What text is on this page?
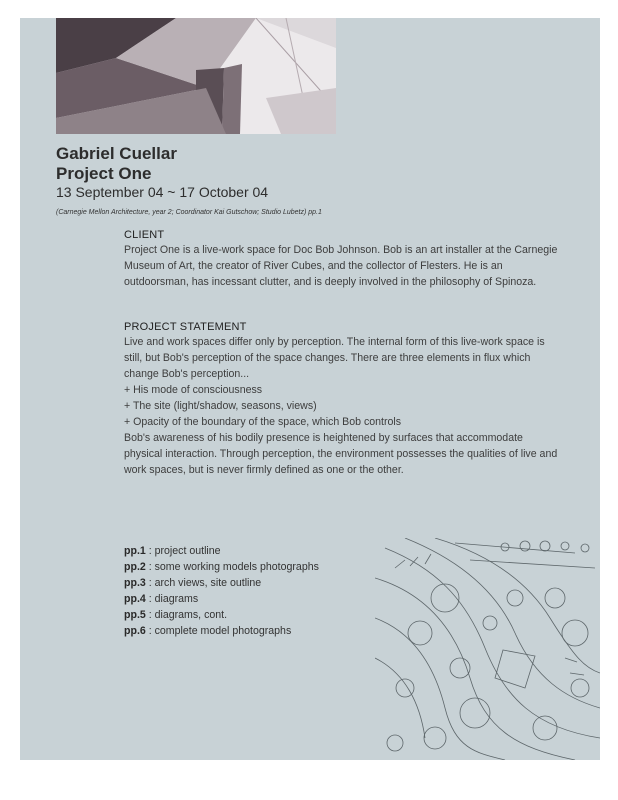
Gabriel Cuellar
Project One
13 September 04 ~ 17 October 04
(Carnegie Mellon Architecture, year 2; Coordinator Kai Gutschow; Studio Lubetz) pp.1
CLIENT

Project One is a live-work space for Doc Bob Johnson. Bob is an art installer at the Carnegie Museum of Art, the creator of River Cubes, and the collector of Flesters. He is an outdoorsman, has incessant clutter, and is deeply involved in the philosophy of Spinoza.

PROJECT STATEMENT

Live and work spaces differ only by perception. The internal form of this live-work space is still, but Bob's perception of the space changes. There are three elements in flux which change Bob's perception...

+ His mode of consciousness

+ The site (light/shadow, seasons, views)

+ Opacity of the boundary of the space, which Bob controls

Bob's awareness of his bodily presence is heightened by surfaces that accommodate physical interaction. Through perception, the environment possesses the qualities of live and work spaces, but is never firmly defined as one or the other.

pp.1 : project outline
pp.2 : some working models photographs
pp.3 : arch views, site outline
pp.4 : diagrams
pp.5 : diagrams, cont.
pp.6 : complete model photographs
